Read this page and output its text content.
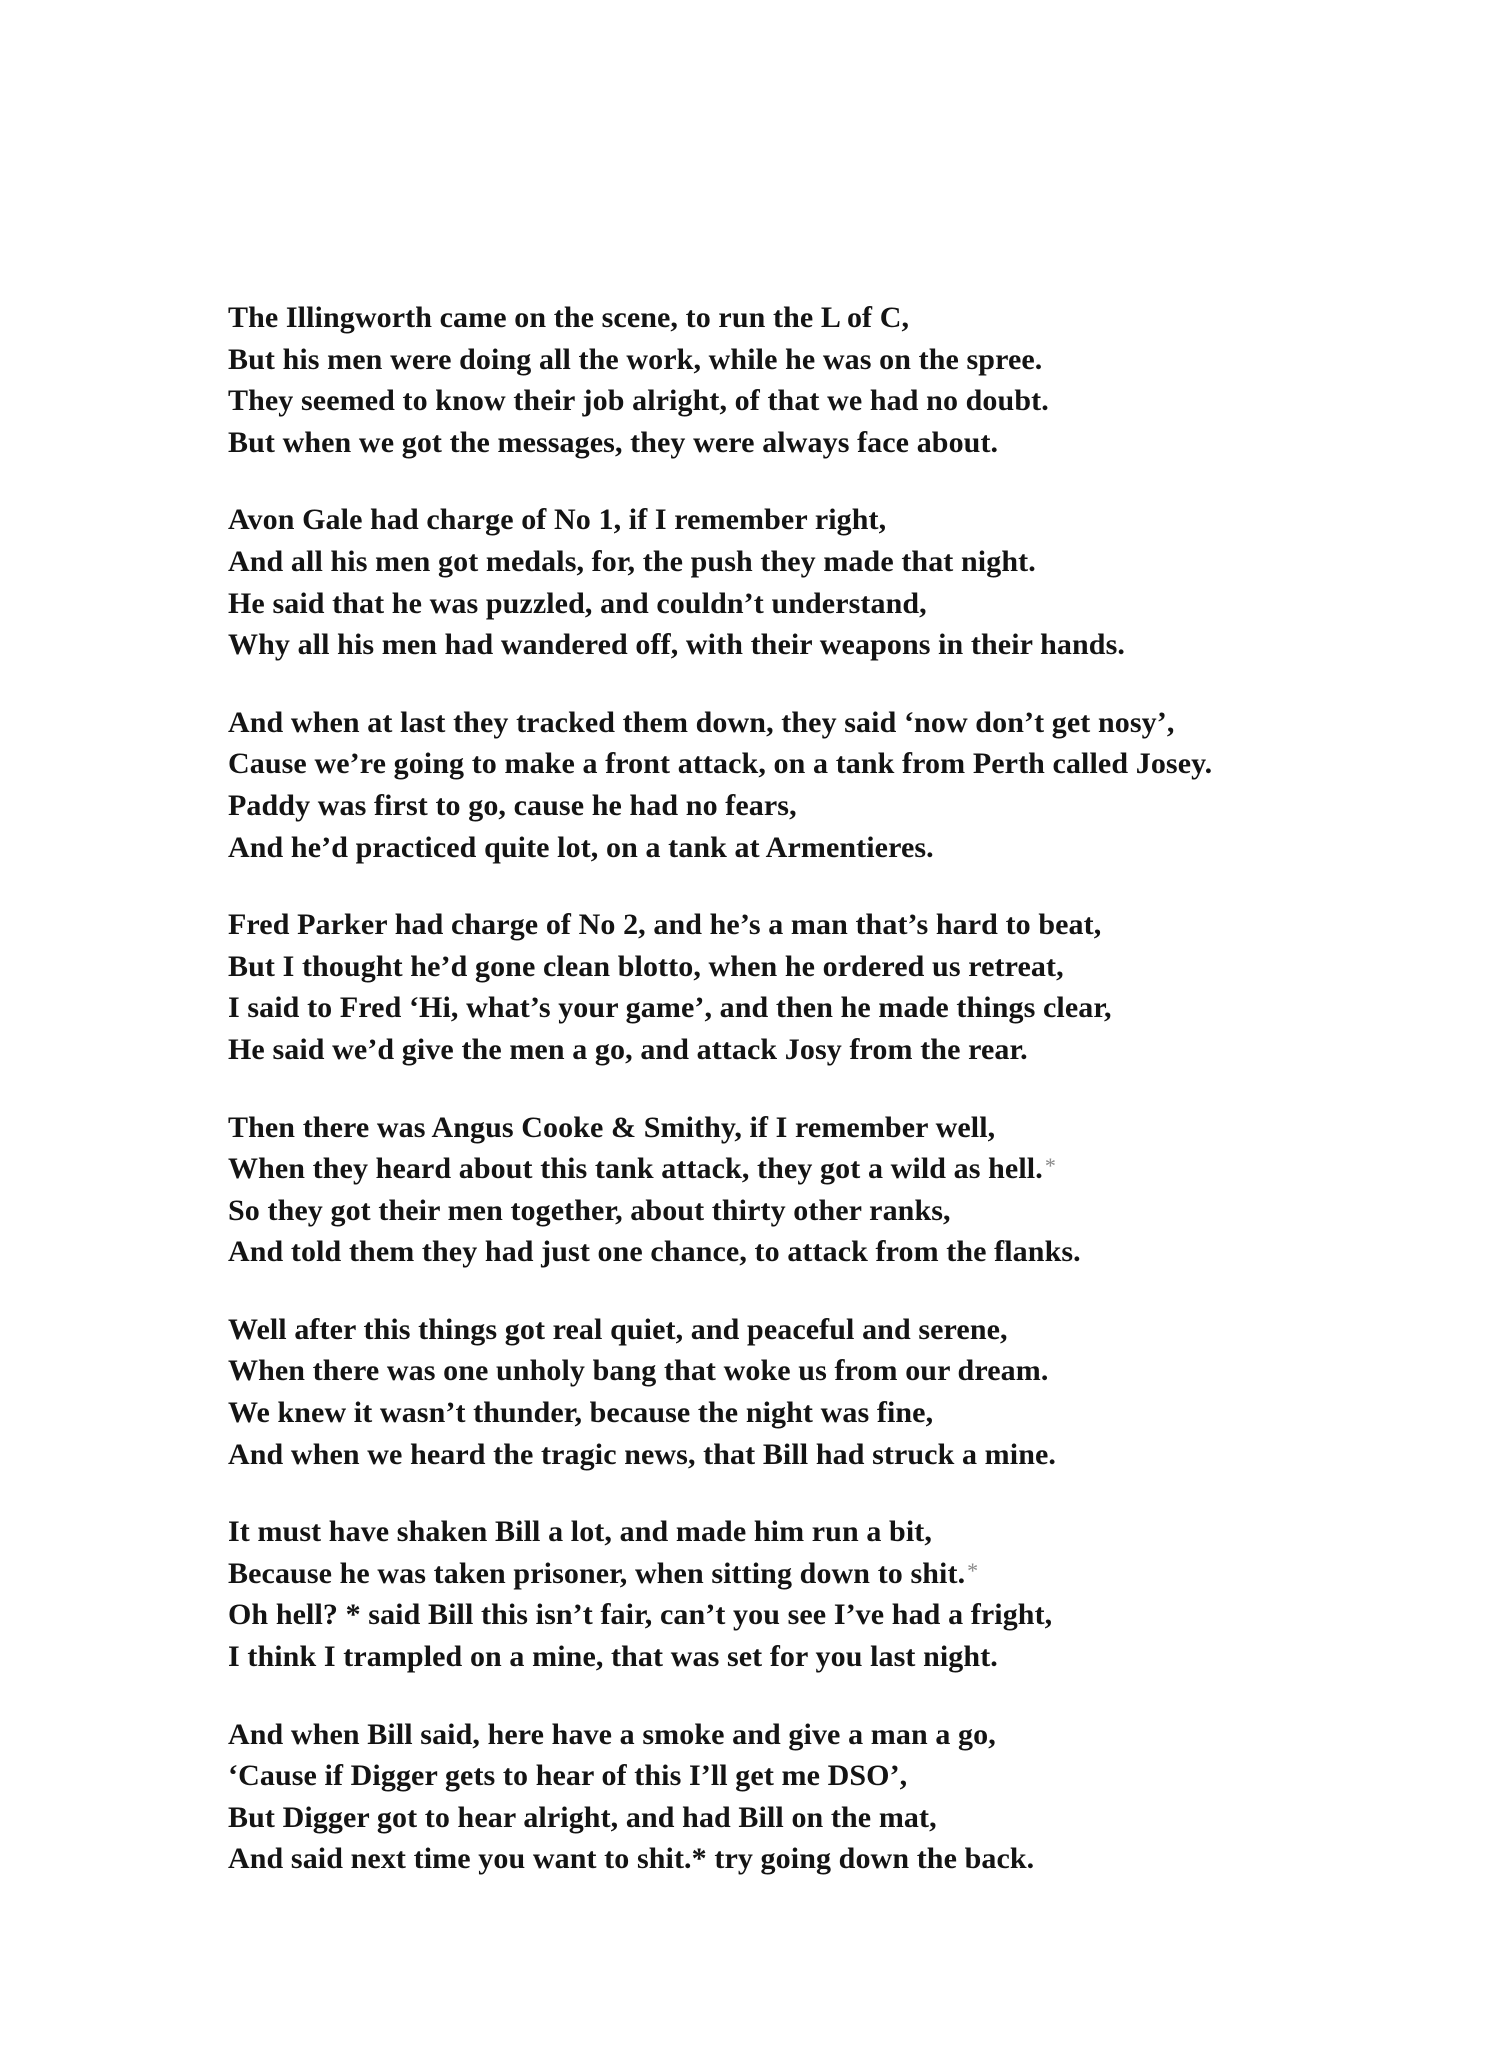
The Illingworth came on the scene, to run the L of C,
But his men were doing all the work, while he was on the spree.
They seemed to know their job alright, of that we had no doubt.
But when we got the messages, they were always face about.
Avon Gale had charge of No 1, if I remember right,
And all his men got medals, for, the push they made that night.
He said that he was puzzled, and couldn’t understand,
Why all his men had wandered off, with their weapons in their hands.
And when at last they tracked them down, they said ‘now don’t get nosy’,
Cause we’re going to make a front attack, on a tank from Perth called Josey.
Paddy was first to go, cause he had no fears,
And he’d practiced quite lot, on a tank at Armentieres.
Fred Parker had charge of No 2, and he’s a man that’s hard to beat,
But I thought he’d gone clean blotto, when he ordered us retreat,
I said to Fred ‘Hi, what’s your game’, and then he made things clear,
He said we’d give the men a go, and attack Josy from the rear.
Then there was Angus Cooke & Smithy, if I remember well,
When they heard about this tank attack, they got a wild as hell.*
So they got their men together, about thirty other ranks,
And told them they had just one chance, to attack from the flanks.
Well after this things got real quiet, and peaceful and serene,
When there was one unholy bang that woke us from our dream.
We knew it wasn’t thunder, because the night was fine,
And when we heard the tragic news, that Bill had struck a mine.
It must have shaken Bill a lot, and made him run a bit,
Because he was taken prisoner, when sitting down to shit.*
Oh hell? * said Bill this isn’t fair, can’t you see I’ve had a fright,
I think I trampled on a mine, that was set for you last night.
And when Bill said, here have a smoke and give a man a go,
‘Cause if Digger gets to hear of this I’ll get me DSO’,
But Digger got to hear alright, and had Bill on the mat,
And said next time you want to shit.* try going down the back.
